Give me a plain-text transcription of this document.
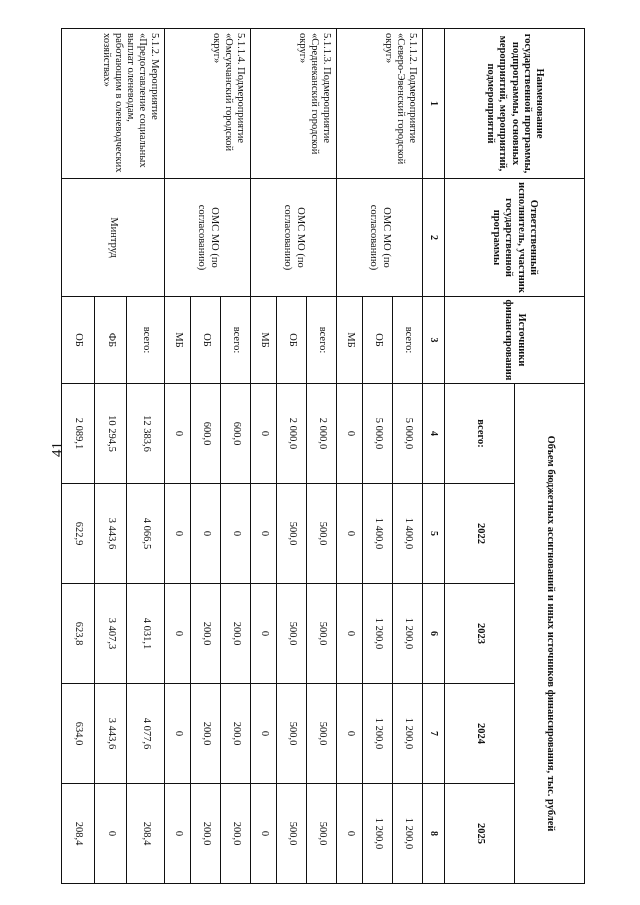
41
Наименование государственной программы, подпрограммы, основных мероприятий, мероприятий, подмероприятий	Ответственный исполнитель, участник государственной программы	Источники финансирования	Объем бюджетных ассигнований и иных источников финансирования, тыс. рублей				
			всего:	2022	2023	2024	2025
1	2	3	4	5	6	7	8
5.1.1.2. Подмероприятие «Северо-Эвенский городской округ»	ОМС МО (по согласованию)	всего:	5 000,0	1 400,0	1 200,0	1 200,0	1 200,0
		ОБ	5 000,0	1 400,0	1 200,0	1 200,0	1 200,0
		МБ	0	0	0	0	0
5.1.1.3. Подмероприятие «Среднеканский городской округ»	ОМС МО (по согласованию)	всего:	2 000,0	500,0	500,0	500,0	500,0
		ОБ	2 000,0	500,0	500,0	500,0	500,0
		МБ	0	0	0	0	0
5.1.1.4. Подмероприятие «Омсукчанский городской округ»	ОМС МО (по согласованию)	всего:	600,0	0	200,0	200,0	200,0
		ОБ	600,0	0	200,0	200,0	200,0
		МБ	0	0	0	0	0
5.1.2. Мероприятие «Предоставление социальных выплат оленеводам, работающим в оленеводческих хозяйствах»	Минтруд	всего:	12 383,6	4 066,5	4 031,1	4 077,6	208,4
		ФБ	10 294,5	3 443,6	3 407,3	3 443,6	0
		ОБ	2 089,1	622,9	623,8	634,0	208,4
